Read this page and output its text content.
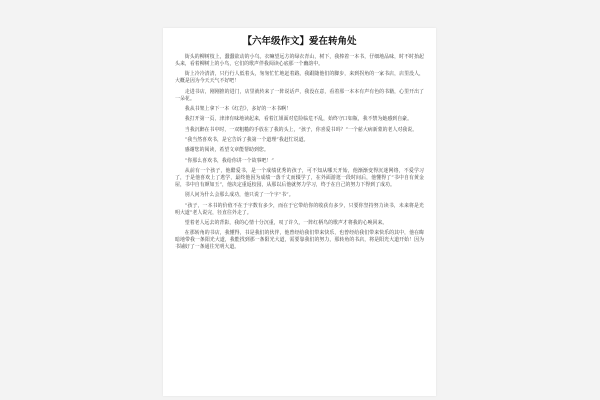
【六年级作文】爱在转角处

街头的柳树枝上，蠢蠢欲动的小鸟。衣嘛望远方的绿衣青山，树下，我捧着一本书，仔细地品味，时不时抬起头来，看着柳树上的小鸟，它们的歌声伴我阅读心底那一个幽韵中。

街上冷冷清清，只行行人低着头，匆匆忙忙地赶着路。我跟随他们的脚步，来到拐角的一家书店，店里没人，大概是因为今天天气不好吧！

走进书店，刚刚推的进门，店里就传来了一阵说话声，我没在意，看着那一本本有声有色的书籍，心里开出了一朵花。

我从书架上拿下一本《红岩》，多好的一本书啊！

我打开第一页，津津有味地读起来，看着江姐面对危险临危不乱，始终守口如瓶，我不禁为她感到自豪。

当我沉醉在书中时，一双粗糙的手放在了我的头上，“孩子，你喜爱书吗？”一个慈大病新蒙的老人对我说。

“我当然喜欢书，是它告诉了我第一个道理”我赶忙说道。

感谢您的阅读，希望文章能帮助到您。

“你那么喜欢书，我给你讲一个故事吧！”

从前有一个孩子，他酷爱书，是一个成绩优秀的孩子，可不知从哪天开始，他渐渐变得沉迷网络，不爱学习了，于是他喜欢上了逃学，最终他因为成绩一落千丈而辍学了，在外面游逛一段时间后，他懂得了“书中自有黄金屋，书中自有颜如玉”，他决定重返校园，从那以后他就努力学习，终于在自己的努力下得到了成功。

别人问为什么会那么成功，他只说了一个字“书”。

“孩子，一本书的价值不在于字数有多少，而在于它带给你的收获有多少，只要你坚持努力读书，未来将是光明大道”老人说完，径直往外走了。

望着老人远去的背影，我的心情十分沉重，叹了许久，一阵红柄鸟的歌声才将我的心唤回来。

在那转角的书店，我懂得，书是我们的伙伴，他曾经给我们带来快乐，也曾经给我们带来快乐的其中，他在晦暗地带我一条阳光大道，我能找到那一条阳光大道，需要靠我们的努力，那转角的书店，将是阳光大道开始！因为书铺好了一条通往光明大道。
